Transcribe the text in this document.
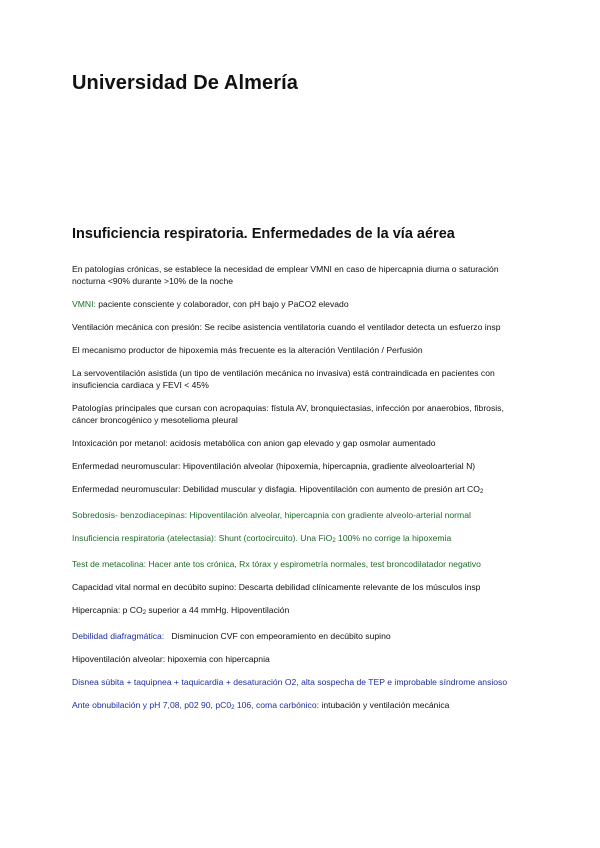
Universidad De Almería
Insuficiencia respiratoria. Enfermedades de la vía aérea

En patologías crónicas, se establece la necesidad de emplear VMNI en caso de hipercapnia diurna o saturación nocturna <90% durante >10% de la noche

VMNI: paciente consciente y colaborador, con pH bajo y PaCO2 elevado

Ventilación mecánica con presión: Se recibe asistencia ventilatoria cuando el ventilador detecta un esfuerzo insp

El mecanismo productor de hipoxemia más frecuente es la alteración Ventilación / Perfusión

La servoventilación asistida (un tipo de ventilación mecánica no invasiva) está contraindicada en pacientes con insuficiencia cardiaca y FEVI < 45%

Patologías principales que cursan con acropaquias: fístula AV, bronquiectasias, infección por anaerobios, fibrosis, cáncer broncogénico y mesotelioma pleural

Intoxicación por metanol: acidosis metabólica con anion gap elevado y gap osmolar aumentado

Enfermedad neuromuscular: Hipoventilación alveolar (hipoxemia, hipercapnia, gradiente alveoloarterial N)

Enfermedad neuromuscular: Debilidad muscular y disfagia. Hipoventilación con aumento de presión art CO2

Sobredosis- benzodiacepinas: Hipoventilación alveolar, hipercapnia con gradiente alveolo-arterial normal

Insuficiencia respiratoria (atelectasia): Shunt (cortocircuito). Una FiO2 100% no corrige la hipoxemia

Test de metacolina: Hacer ante tos crónica, Rx tórax y espirometría normales, test broncodilatador negativo

Capacidad vital normal en decúbito supino: Descarta debilidad clínicamente relevante de los músculos insp

Hipercapnia: p CO2 superior a 44 mmHg. Hipoventilación

Debilidad diafragmática:   Disminucion CVF con empeoramiento en decúbito supino

Hipoventilación alveolar: hipoxemia con hipercapnia

Disnea súbita + taquipnea + taquicardia + desaturación O2, alta sospecha de TEP e improbable síndrome ansioso

Ante obnubilación y pH 7,08, p02 90, pC02 106, coma carbónico: intubación y ventilación mecánica
